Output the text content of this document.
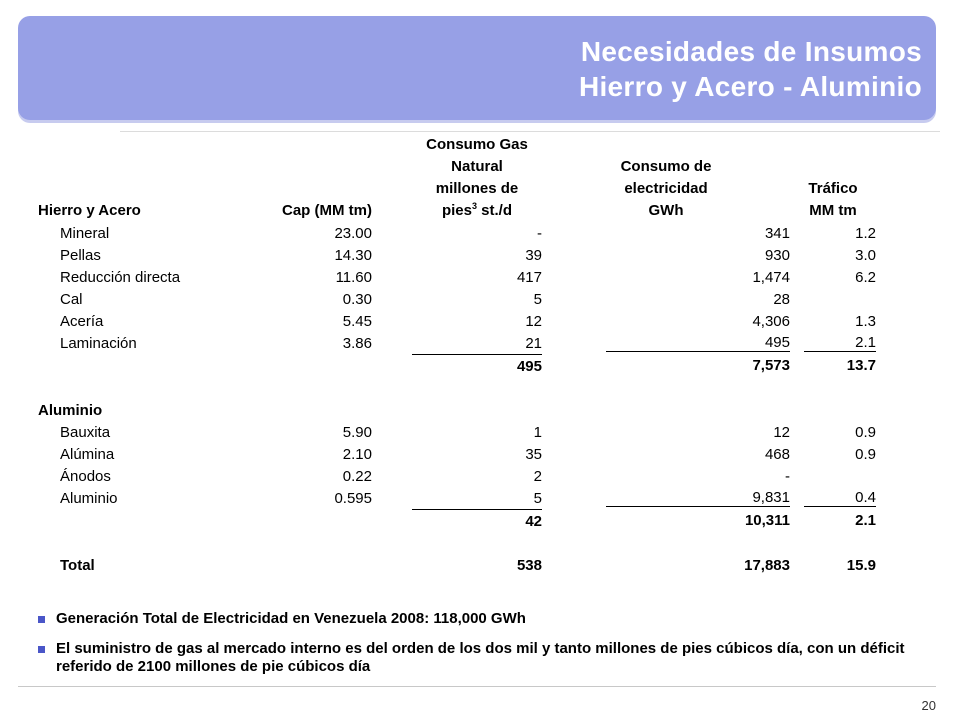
Necesidades de Insumos
Hierro y Acero - Aluminio
			Consumo Gas		
			Natural	Consumo de	
			millones de	electricidad	Tráfico
Hierro y Acero	Cap (MM tm)		pies$^3$ st./d	GWh	MM tm
Mineral	23.00		-	341	1.2
Pellas	14.30		39	930	3.0
Reducción directa	11.60		417	1,474	6.2
Cal	0.30		5	28	
Acería	5.45		12	4,306	1.3
Laminación	3.86		21	495	2.1

			495	7,573	13.7

Aluminio					
Bauxita	5.90		1	12	0.9
Alúmina	2.10		35	468	0.9
Ánodos	0.22		2	-	
Aluminio	0.595		5	9,831	0.4

			42	10,311	2.1

Total			538	17,883	15.9
Generación Total de Electricidad en Venezuela 2008: 118,000 GWh
El suministro de gas al mercado interno es del orden de los dos mil y tanto millones de pies cúbicos día, con un déficit referido de 2100 millones de pie cúbicos día
20
